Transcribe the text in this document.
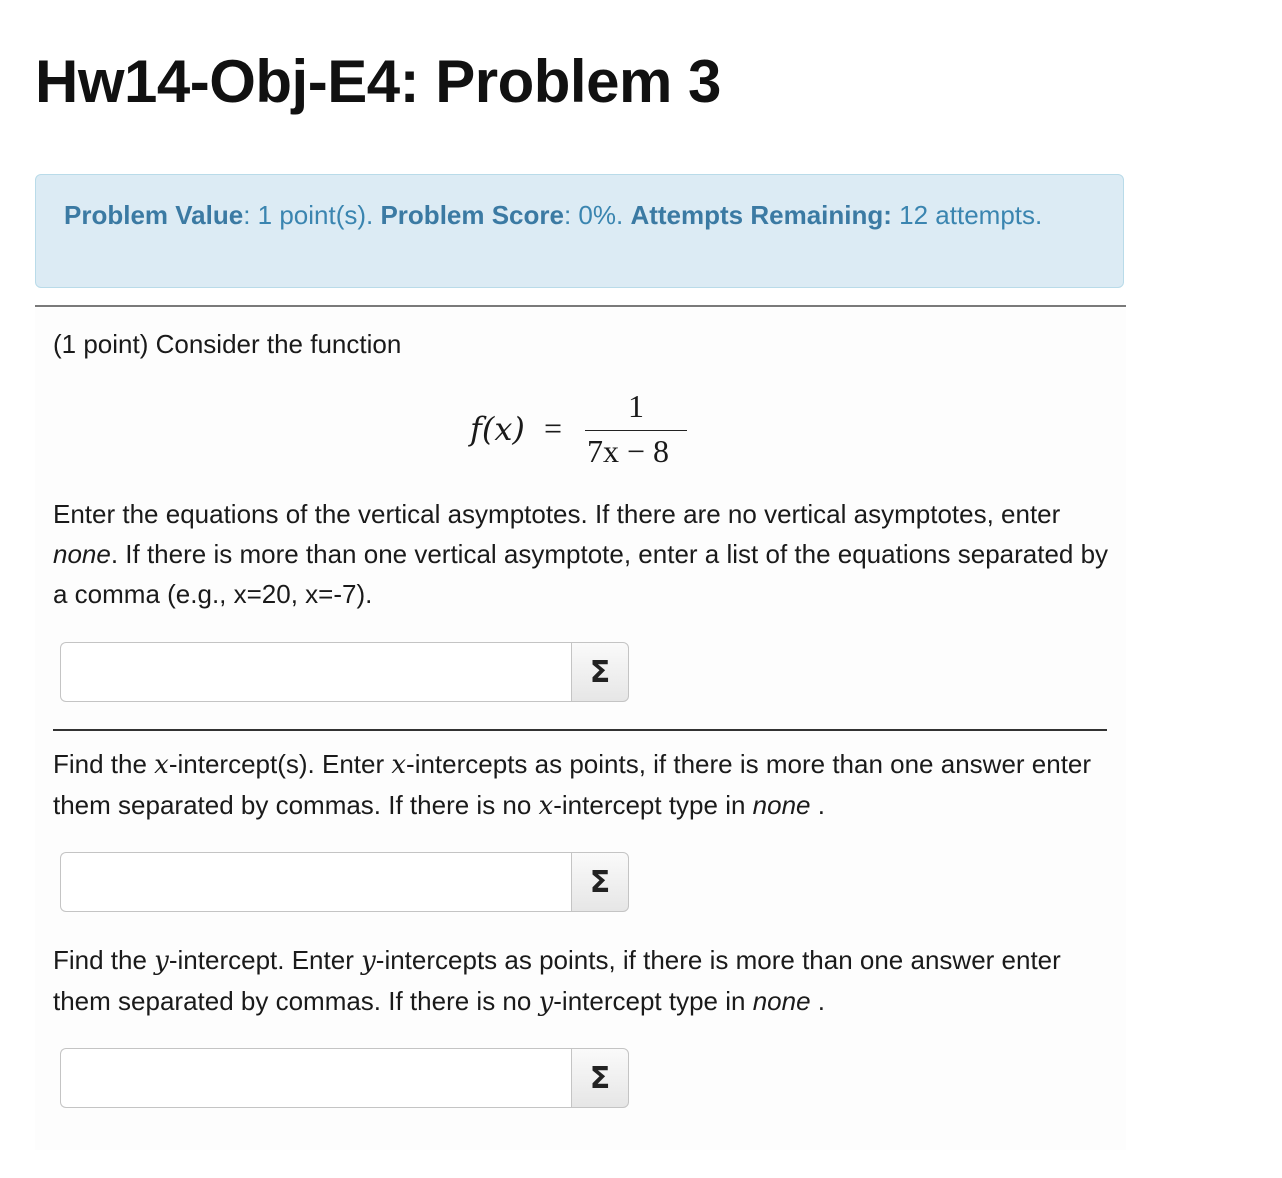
Hw14-Obj-E4: Problem 3
Problem Value: 1 point(s). Problem Score: 0%. Attempts Remaining: 12 attempts.
(1 point) Consider the function
f(x) =
1
7x − 8
Enter the equations of the vertical asymptotes. If there are no vertical asymptotes, enter none. If there is more than one vertical asymptote, enter a list of the equations separated by a comma (e.g., x=20, x=-7).
Σ
Find the x-intercept(s). Enter x-intercepts as points, if there is more than one answer enter them separated by commas. If there is no x-intercept type in none .
Σ
Find the y-intercept. Enter y-intercepts as points, if there is more than one answer enter them separated by commas. If there is no y-intercept type in none .
Σ
